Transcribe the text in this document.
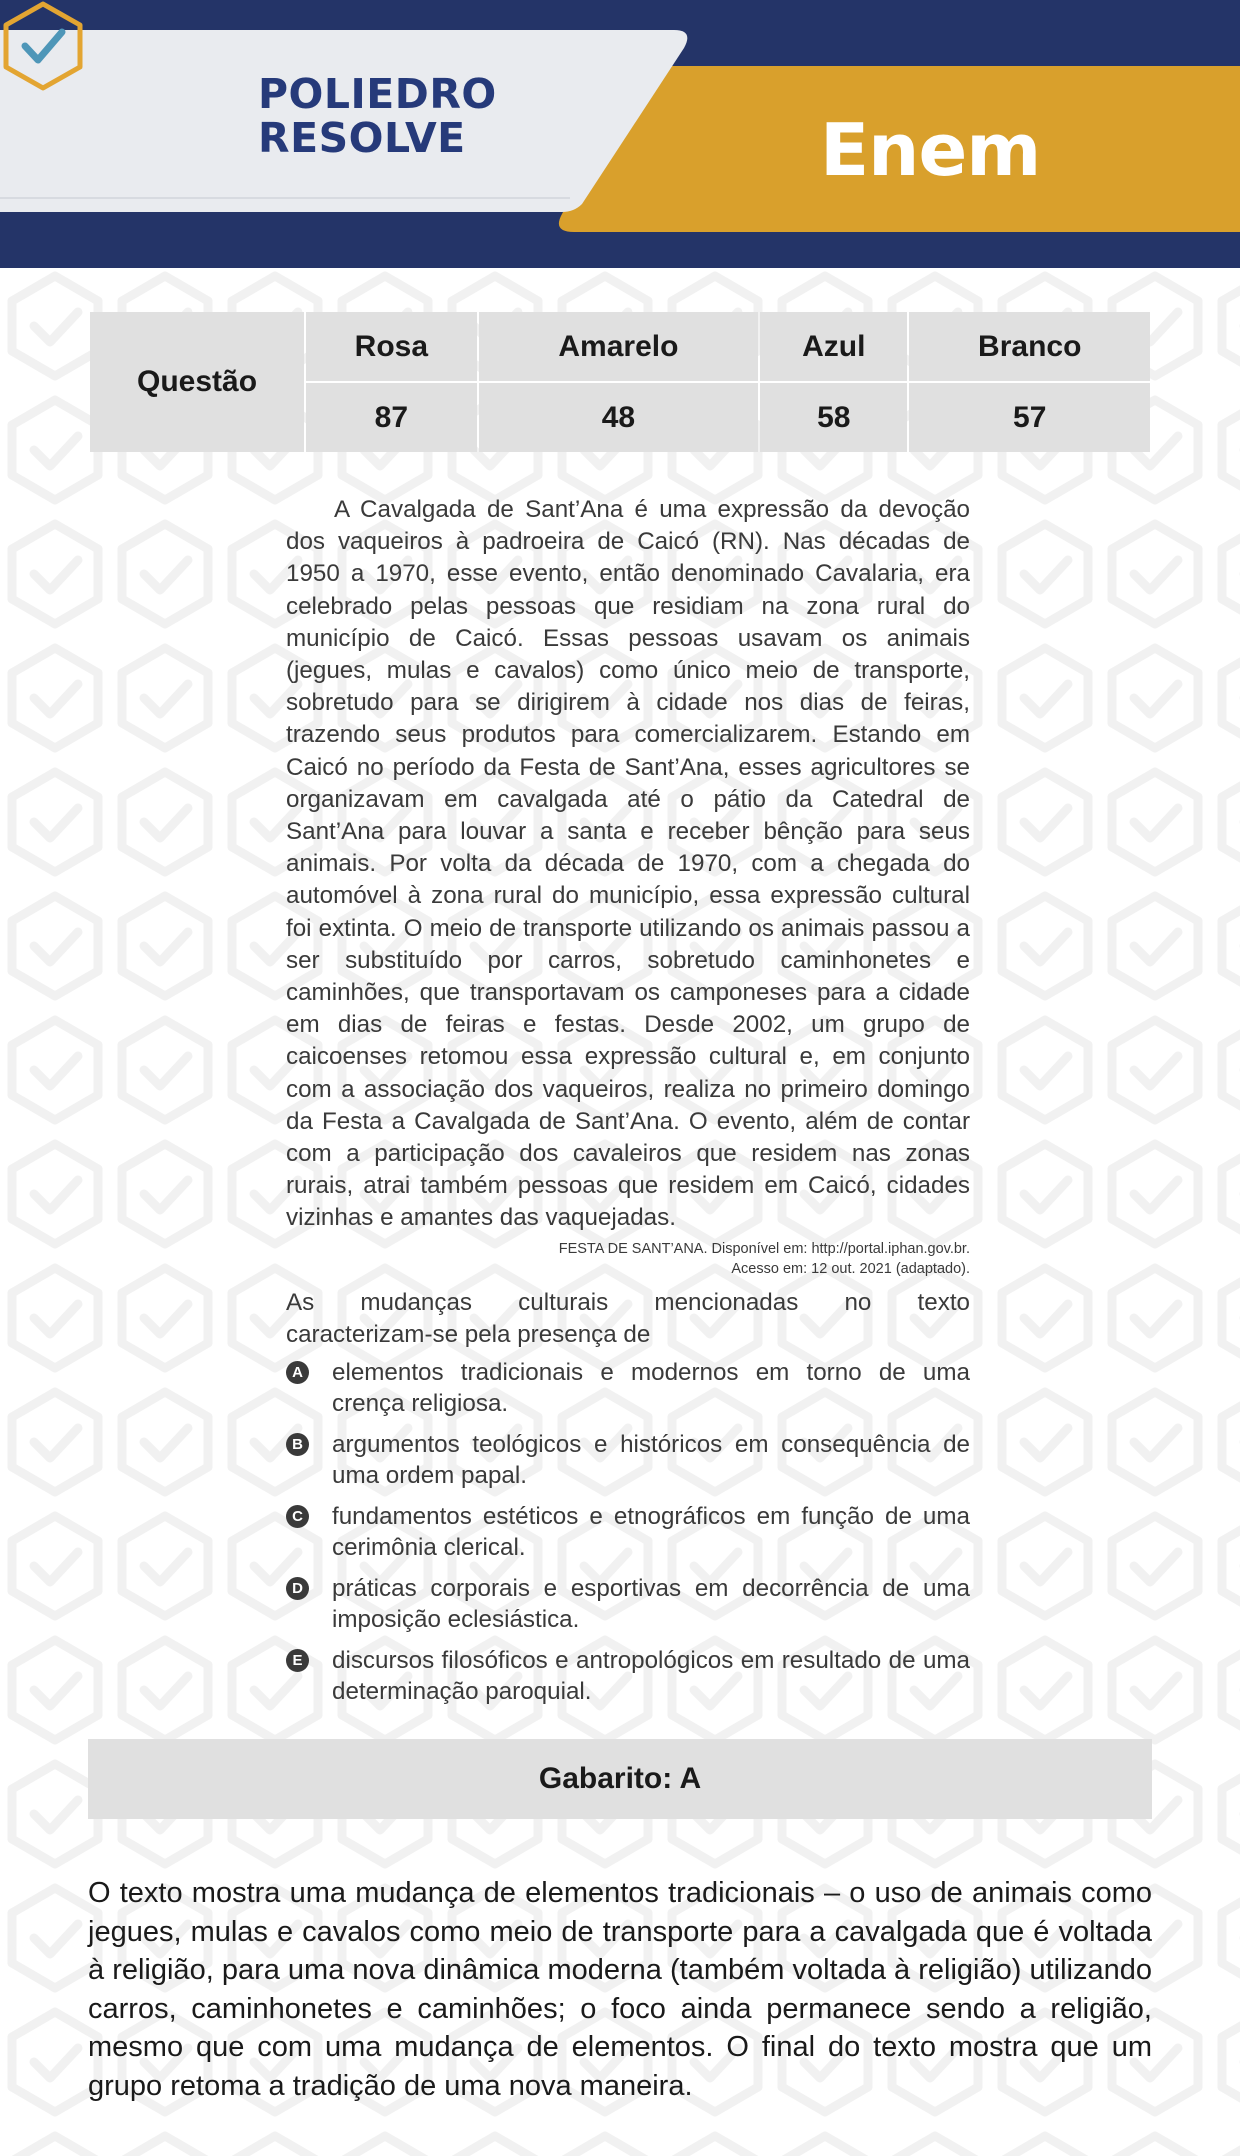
POLIEDRO
RESOLVE	Enem
Questão	Rosa	Amarelo	Azul	Branco
	87	48	58	57

A Cavalgada de Sant’Ana é uma expressão da devoção dos vaqueiros à padroeira de Caicó (RN). Nas décadas de 1950 a 1970, esse evento, então denominado Cavalaria, era celebrado pelas pessoas que residiam na zona rural do município de Caicó. Essas pessoas usavam os animais (jegues, mulas e cavalos) como único meio de transporte, sobretudo para se dirigirem à cidade nos dias de feiras, trazendo seus produtos para comercializarem. Estando em Caicó no período da Festa de Sant’Ana, esses agricultores se organizavam em cavalgada até o pátio da Catedral de Sant’Ana para louvar a santa e receber bênção para seus animais. Por volta da década de 1970, com a chegada do automóvel à zona rural do município, essa expressão cultural foi extinta. O meio de transporte utilizando os animais passou a ser substituído por carros, sobretudo caminhonetes e caminhões, que transportavam os camponeses para a cidade em dias de feiras e festas. Desde 2002, um grupo de caicoenses retomou essa expressão cultural e, em conjunto com a associação dos vaqueiros, realiza no primeiro domingo da Festa a Cavalgada de Sant’Ana. O evento, além de contar com a participação dos cavaleiros que residem nas zonas rurais, atrai também pessoas que residem em Caicó, cidades vizinhas e amantes das vaquejadas.

FESTA DE SANT’ANA. Disponível em: http://portal.iphan.gov.br.
Acesso em: 12 out. 2021 (adaptado).
As mudanças culturais mencionadas no texto
caracterizam-se pela presença de
A elementos tradicionais e modernos em torno de uma crença religiosa.
B argumentos teológicos e históricos em consequência de uma ordem papal.
C fundamentos estéticos e etnográficos em função de uma cerimônia clerical.
D práticas corporais e esportivas em decorrência de uma imposição eclesiástica.
E discursos filosóficos e antropológicos em resultado de uma determinação paroquial.
Gabarito: A
O texto mostra uma mudança de elementos tradicionais – o uso de animais como jegues, mulas e cavalos como meio de transporte para a cavalgada que é voltada à religião, para uma nova dinâmica moderna (também voltada à religião) utilizando carros, caminhonetes e caminhões; o foco ainda permanece sendo a religião, mesmo que com uma mudança de elementos. O final do texto mostra que um grupo retoma a tradição de uma nova maneira.
